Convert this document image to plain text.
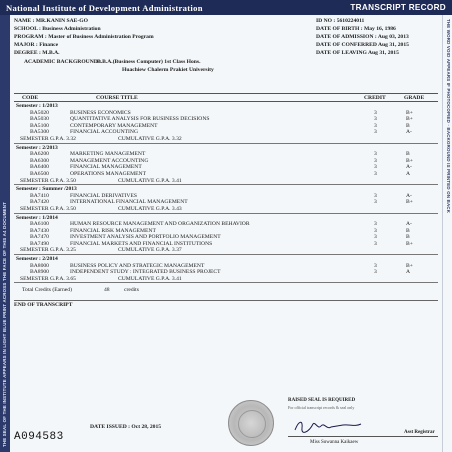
National Institute of Development Administration	TRANSCRIPT RECORD
THE SEAL OF THE INSTITUTE APPEARS IN LIGHT BLUE PRINT ACROSS THE FACE OF THIS A4 DOCUMENT
THE WORD VOID APPEARS IF PHOTOCOPIED · BACKGROUND IS PRINTED ON BACK
NAME : MR.KANIN SAE-GO	ID NO : 5610224011
SCHOOL : Business Administration	DATE OF BIRTH : May 16, 1986
PROGRAM : Master of Business Administration Program	DATE OF ADMISSION : Aug 03, 2013
MAJOR : Finance	DATE OF CONFERRED Aug 31, 2015
DEGREE : M.B.A.	DATE OF LEAVING Aug 31, 2015
ACADEMIC BACKGROUND :B.B.A.(Business Computer) 1st Class Hons.
Huachiew Chalerm Prakiet University
CODE	COURSE TITLE	CREDIT	GRADE
Semester : 1/2013
BA5020	BUSINESS ECONOMICS	3	B+
BA5030	QUANTITATIVE ANALYSIS FOR BUSINESS DECISIONS	3	B+
BA5100	CONTEMPORARY MANAGEMENT	3	B
BA5300	FINANCIAL ACCOUNTING	3	A-
SEMESTER G.P.A. 3.32	CUMULATIVE G.P.A. 3.32
Semester : 2/2013
BA6200	MARKETING MANAGEMENT	3	B
BA6300	MANAGEMENT ACCOUNTING	3	B+
BA6400	FINANCIAL MANAGEMENT	3	A-
BA6500	OPERATIONS MANAGEMENT	3	A
SEMESTER G.P.A. 3.50	CUMULATIVE G.P.A. 3.41
Semester : Summer /2013
BA7410	FINANCIAL DERIVATIVES	3	A-
BA7420	INTERNATIONAL FINANCIAL MANAGEMENT	3	B+
SEMESTER G.P.A. 3.50	CUMULATIVE G.P.A. 3.43
Semester : 1/2014
BA6100	HUMAN RESOURCE MANAGEMENT AND ORGANIZATION BEHAVIOR	3	A-
BA7430	FINANCIAL RISK MANAGEMENT	3	B
BA7470	INVESTMENT ANALYSIS AND PORTFOLIO MANAGEMENT	3	B
BA7490	FINANCIAL MARKETS AND FINANCIAL INSTITUTIONS	3	B+
SEMESTER G.P.A. 3.25	CUMULATIVE G.P.A. 3.37
Semester : 2/2014
BA8000	BUSINESS POLICY AND STRATEGIC MANAGEMENT	3	B+
BA8900	INDEPENDENT STUDY : INTEGRATED BUSINESS PROJECT	3	A
SEMESTER G.P.A. 3.65	CUMULATIVE G.P.A. 3.41
Total Credits (Earned)	48	credits
END OF TRANSCRIPT
DATE ISSUED : Oct 28, 2015
A094583
RAISED SEAL IS REQUIRED
For official transcript records & seal only
Asst Registrar
Miss Suwanna Kaikaew
